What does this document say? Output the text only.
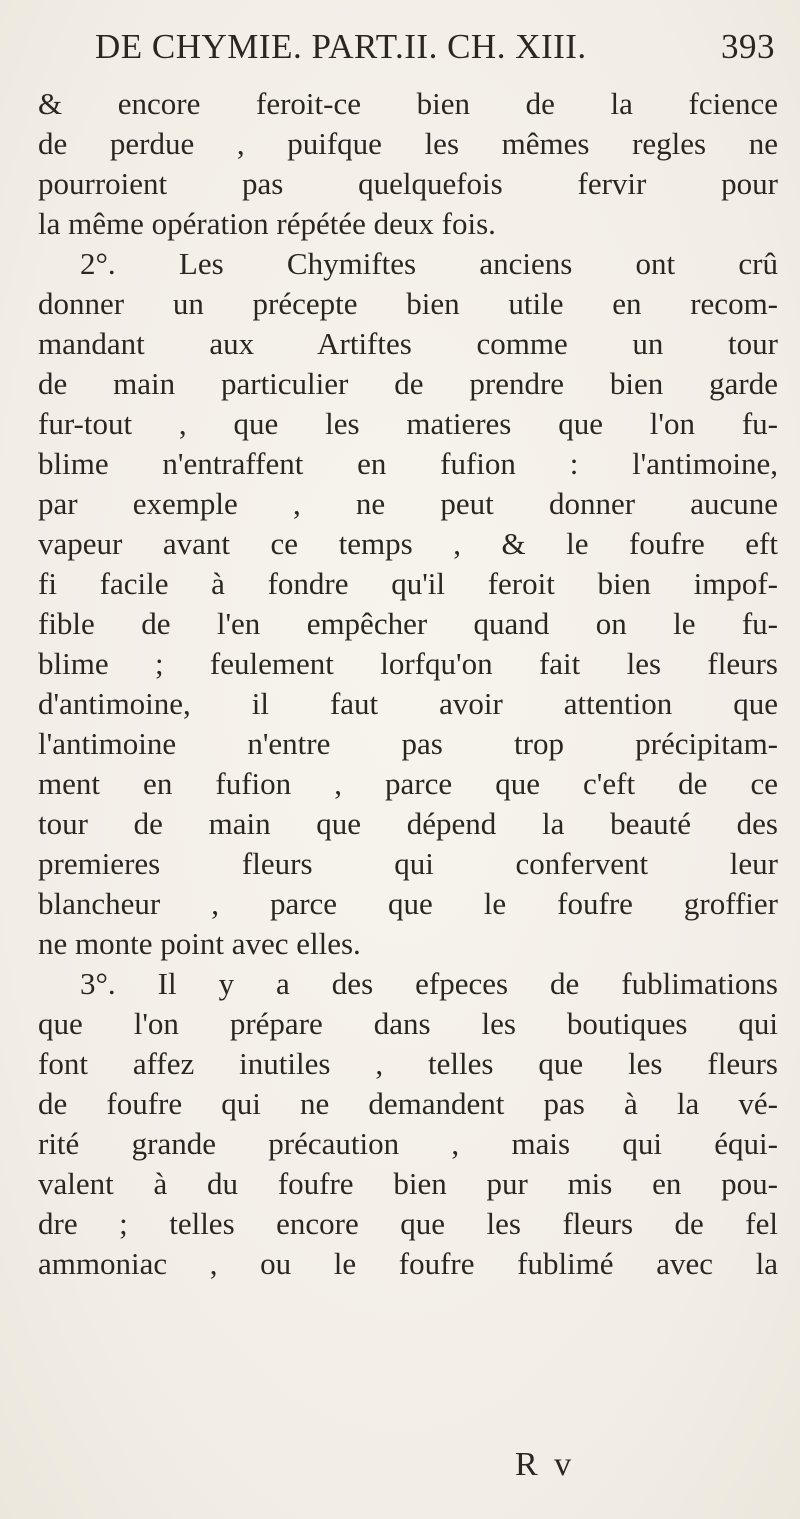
DE CHYMIE. PART.II. CH. XIII.	393
& encore feroit-ce bien de la fcience
de perdue , puifque les mêmes regles ne
pourroient pas quelquefois fervir pour
la même opération répétée deux fois.
2°. Les Chymiftes anciens ont crû
donner un précepte bien utile en recom-
mandant aux Artiftes comme un tour
de main particulier de prendre bien garde
fur-tout , que les matieres que l'on fu-
blime n'entraffent en fufion : l'antimoine,
par exemple , ne peut donner aucune
vapeur avant ce temps , & le foufre eft
fi facile à fondre qu'il feroit bien impof-
fible de l'en empêcher quand on le fu-
blime ; feulement lorfqu'on fait les fleurs
d'antimoine, il faut avoir attention que
l'antimoine n'entre pas trop précipitam-
ment en fufion , parce que c'eft de ce
tour de main que dépend la beauté des
premieres fleurs qui confervent leur
blancheur , parce que le foufre groffier
ne monte point avec elles.
3°. Il y a des efpeces de fublimations
que l'on prépare dans les boutiques qui
font affez inutiles , telles que les fleurs
de foufre qui ne demandent pas à la vé-
rité grande précaution , mais qui équi-
valent à du foufre bien pur mis en pou-
dre ; telles encore que les fleurs de fel
ammoniac , ou le foufre fublimé avec la
R v
